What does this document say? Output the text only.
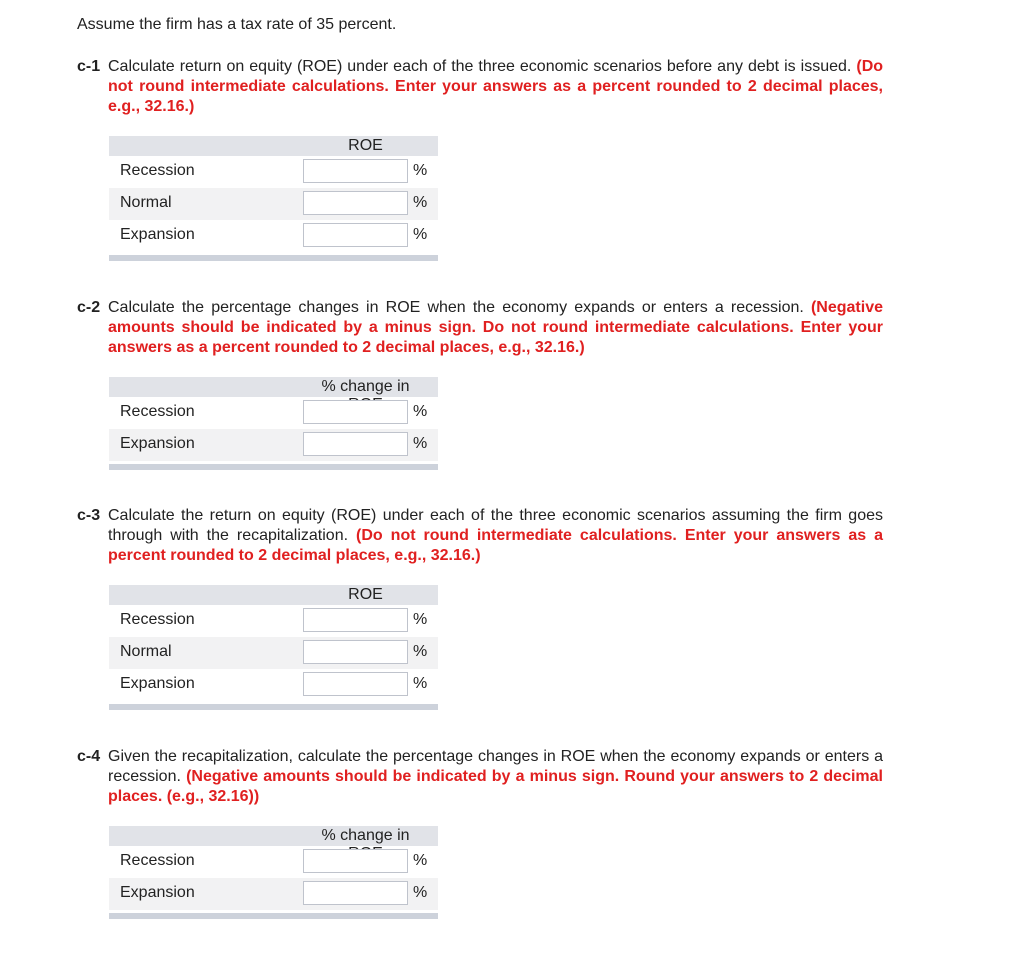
Assume the firm has a tax rate of 35 percent.
c-1 Calculate return on equity (ROE) under each of the three economic scenarios before any debt is issued. (Do not round intermediate calculations. Enter your answers as a percent rounded to 2 decimal places, e.g., 32.16.)
ROE
Recession	%
Normal	%
Expansion	%
c-2 Calculate the percentage changes in ROE when the economy expands or enters a recession. (Negative amounts should be indicated by a minus sign. Do not round intermediate calculations. Enter your answers as a percent rounded to 2 decimal places, e.g., 32.16.)
% change in
Recession	%
Expansion	%
c-3 Calculate the return on equity (ROE) under each of the three economic scenarios assuming the firm goes through with the recapitalization. (Do not round intermediate calculations. Enter your answers as a percent rounded to 2 decimal places, e.g., 32.16.)
ROE
Recession	%
Normal	%
Expansion	%
c-4 Given the recapitalization, calculate the percentage changes in ROE when the economy expands or enters a recession. (Negative amounts should be indicated by a minus sign. Round your answers to 2 decimal places. (e.g., 32.16))
% change in
Recession	%
Expansion	%
